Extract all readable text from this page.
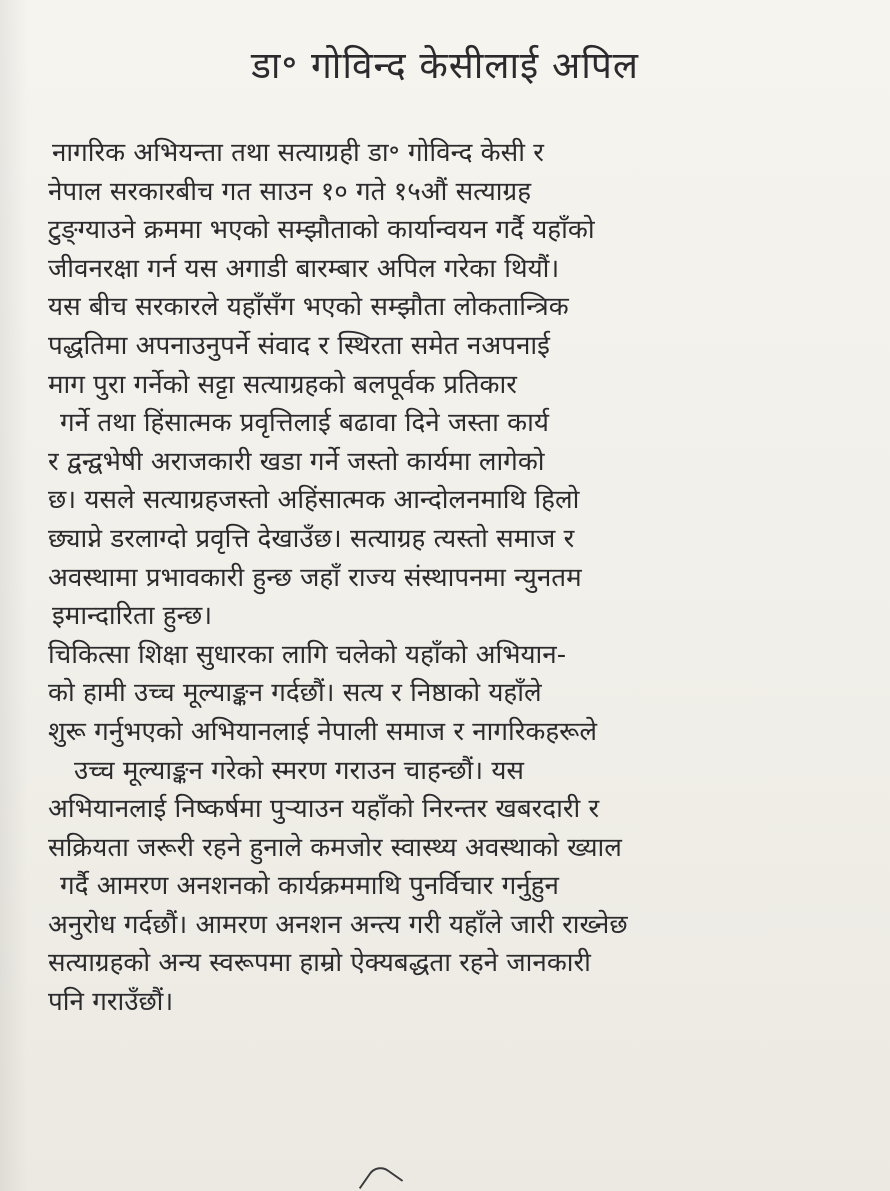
डा॰ गोविन्द केसीलाई अपिल
नागरिक अभियन्ता तथा सत्याग्रही डा॰ गोविन्द केसी र
नेपाल सरकारबीच गत साउन १० गते १५औं सत्याग्रह
टुङ्ग्याउने क्रममा भएको सम्झौताको कार्यान्वयन गर्दै यहाँको
जीवनरक्षा गर्न यस अगाडी बारम्बार अपिल गरेका थियौं।
यस बीच सरकारले यहाँसँग भएको सम्झौता लोकतान्त्रिक
पद्धतिमा अपनाउनुपर्ने संवाद र स्थिरता समेत नअपनाई
माग पुरा गर्नेको सट्टा सत्याग्रहको बलपूर्वक प्रतिकार
गर्ने तथा हिंसात्मक प्रवृत्तिलाई बढावा दिने जस्ता कार्य
र द्वन्द्वभेषी अराजकारी खडा गर्ने जस्तो कार्यमा लागेको
छ। यसले सत्याग्रहजस्तो अहिंसात्मक आन्दोलनमाथि हिलो
छ्याप्ने डरलाग्दो प्रवृत्ति देखाउँछ। सत्याग्रह त्यस्तो समाज र
अवस्थामा प्रभावकारी हुन्छ जहाँ राज्य संस्थापनमा न्युनतम
इमान्दारिता हुन्छ।
चिकित्सा शिक्षा सुधारका लागि चलेको यहाँको अभियान-
को हामी उच्च मूल्याङ्कन गर्दछौं। सत्य र निष्ठाको यहाँले
शुरू गर्नुभएको अभियानलाई नेपाली समाज र नागरिकहरूले
उच्च मूल्याङ्कन गरेको स्मरण गराउन चाहन्छौं। यस
अभियानलाई निष्कर्षमा पुर्‍याउन यहाँको निरन्तर खबरदारी र
सक्रियता जरूरी रहने हुनाले कमजोर स्वास्थ्य अवस्थाको ख्याल
गर्दै आमरण अनशनको कार्यक्रममाथि पुनर्विचार गर्नुहुन
अनुरोध गर्दछौं। आमरण अनशन अन्त्य गरी यहाँले जारी राख्नेछ
सत्याग्रहको अन्य स्वरूपमा हाम्रो ऐक्यबद्धता रहने जानकारी
पनि गराउँछौं।
